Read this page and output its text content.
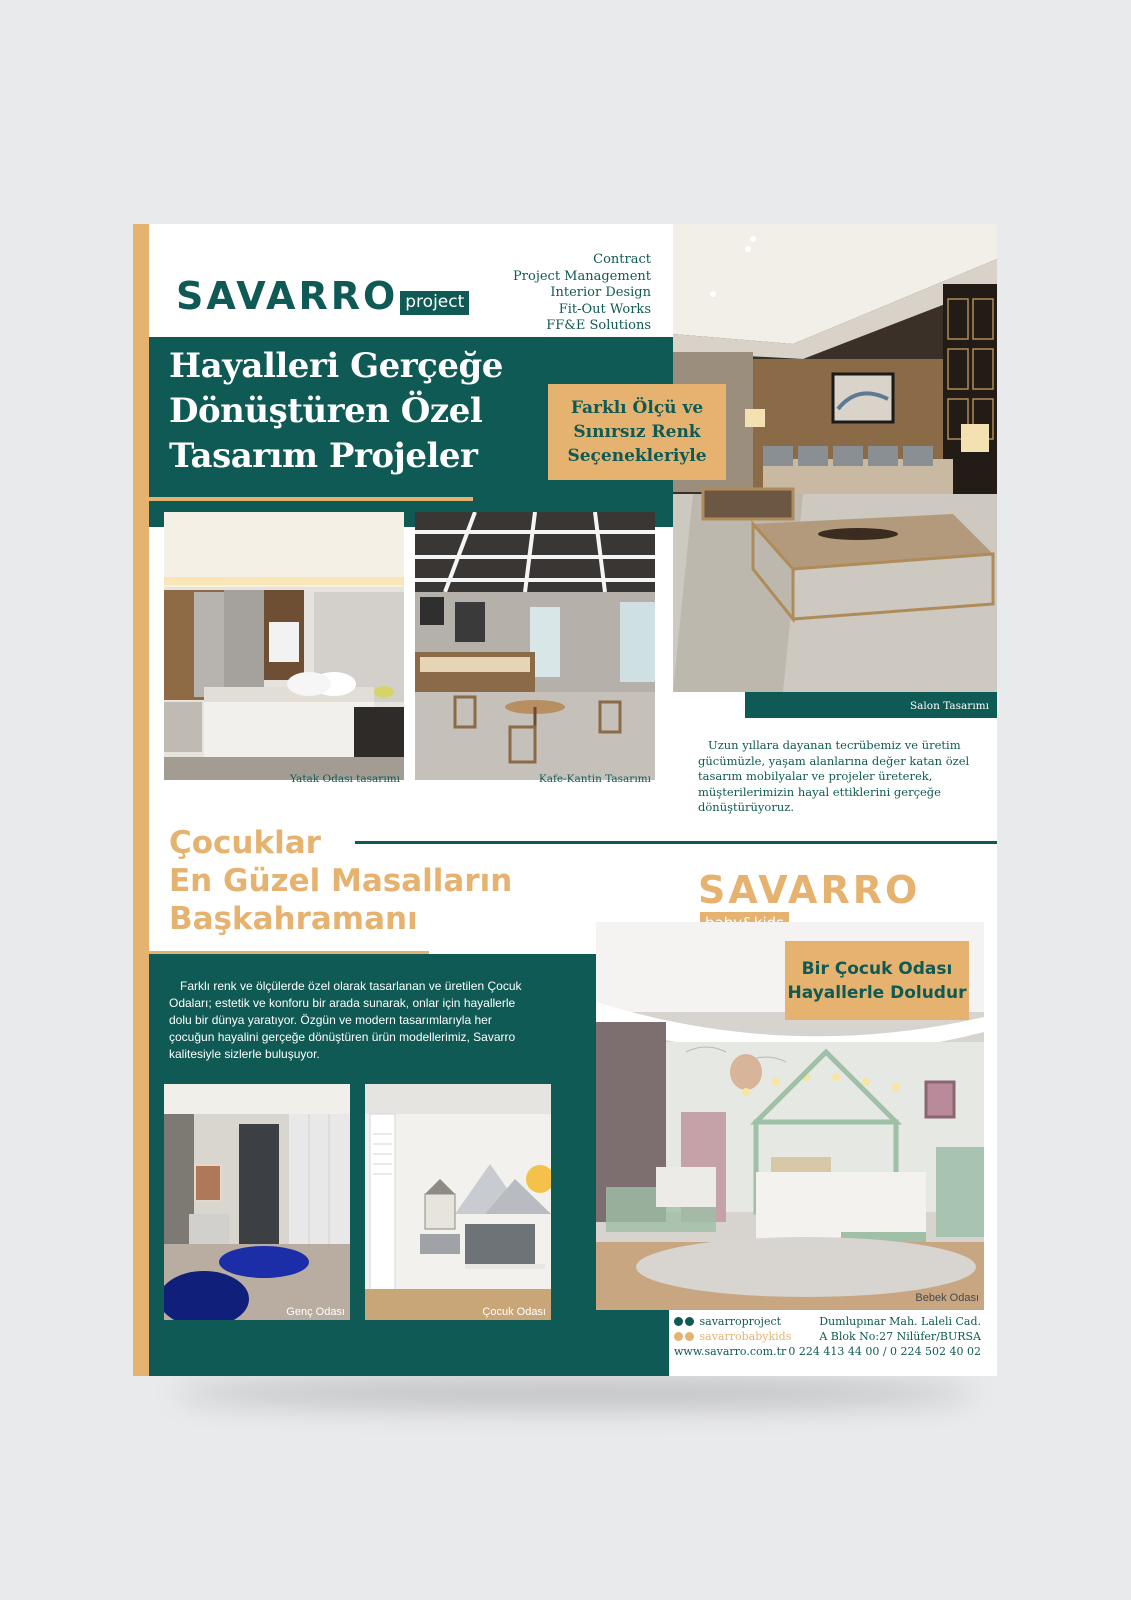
SAVARRO project
Contract
Project Management
Interior Design
Fit-Out Works
FF&E Solutions
Hayalleri Gerçeğe
Dönüştüren Özel
Tasarım Projeler
Farklı Ölçü ve
Sınırsız Renk
Seçenekleriyle
Yatak Odası tasarımı	Kafe-Kantin Tasarımı
Salon Tasarımı
Uzun yıllara dayanan tecrübemiz ve üretim gücümüzle, yaşam alanlarına değer katan özel tasarım mobilyalar ve projeler üreterek, müşterilerimizin hayal ettiklerini gerçeğe dönüştürüyoruz.
Çocuklar
En Güzel Masalların
Başkahramanı
SAVARRO
Farklı renk ve ölçülerde özel olarak tasarlanan ve üretilen Çocuk Odaları; estetik ve konforu bir arada sunarak, onlar için hayallerle dolu bir dünya yaratıyor. Özgün ve modern tasarımlarıyla her çocuğun hayalini gerçeğe dönüştüren ürün modellerimiz, Savarro kalitesiyle sizlerle buluşuyor.
Genç Odası	Çocuk Odası
Bir Çocuk Odası
Hayallerle Doludur
Bebek Odası
savarroproject
savarrobabykids
www.savarro.com.tr
Dumlupınar Mah. Laleli Cad.
A Blok No:27 Nilüfer/BURSA
0 224 413 44 00 / 0 224 502 40 02
